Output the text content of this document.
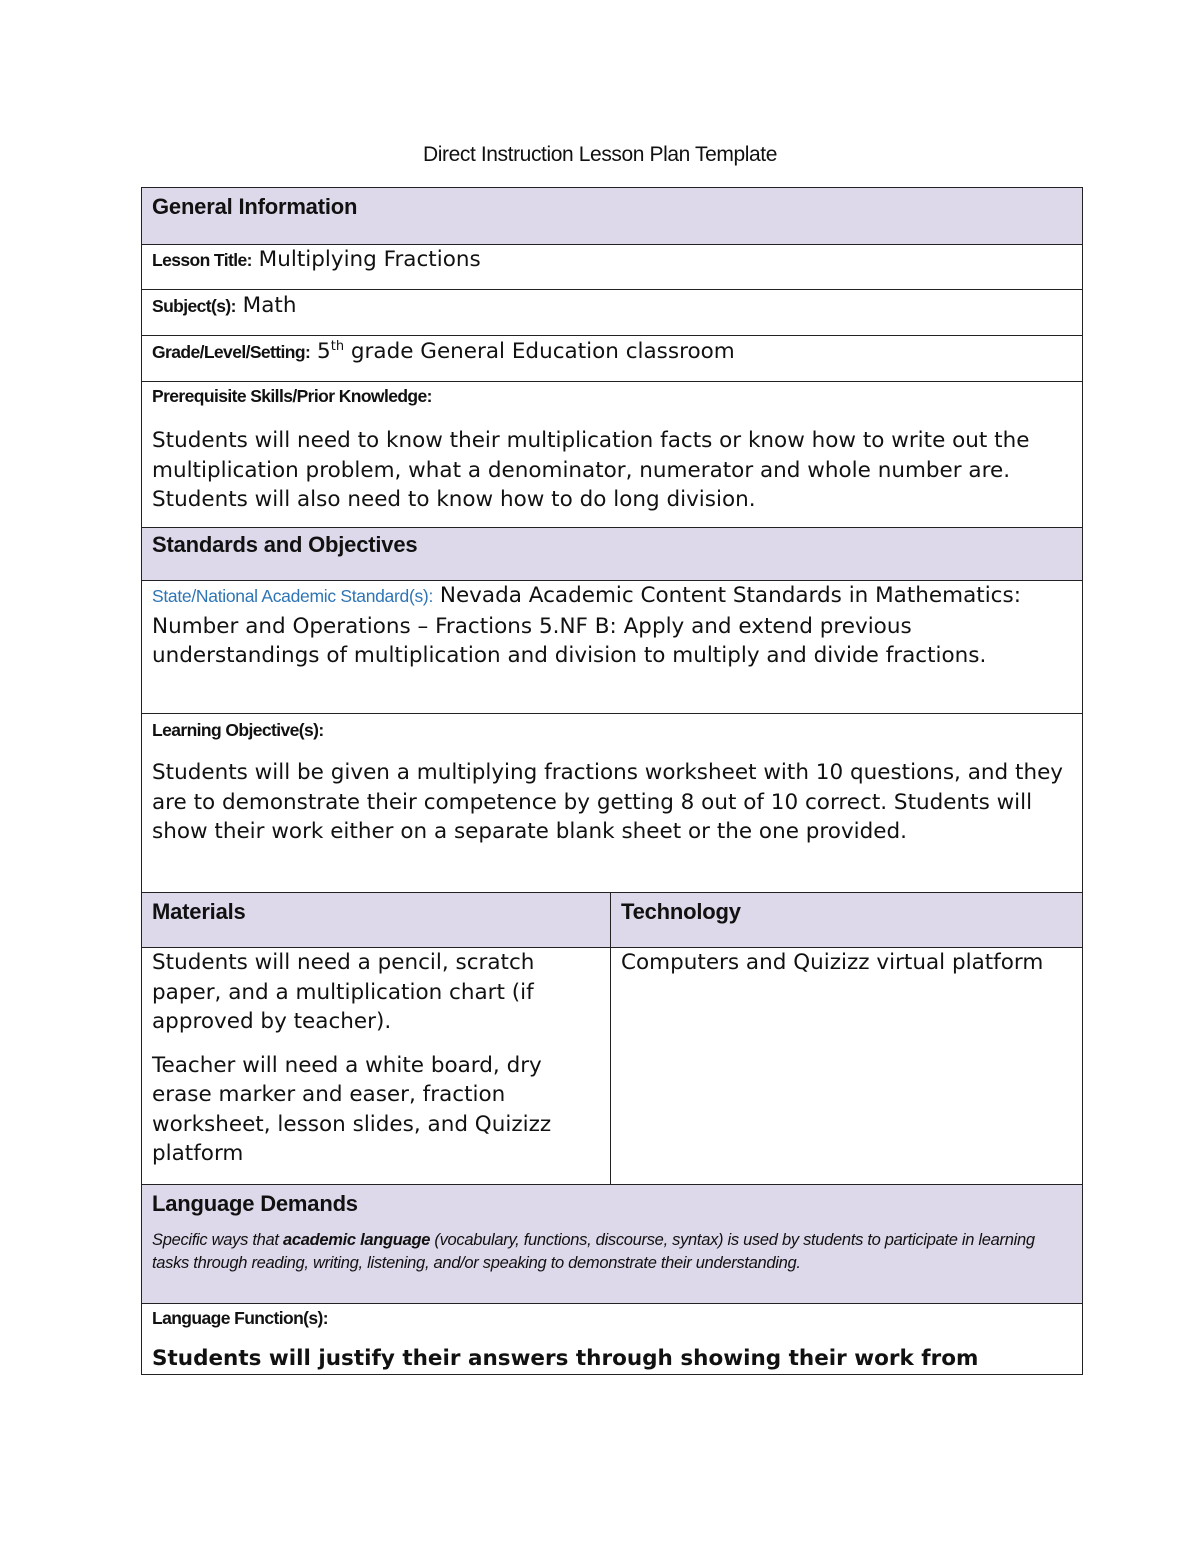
Direct Instruction Lesson Plan Template
General Information	
Lesson Title: Multiplying Fractions	
Subject(s): Math	
Grade/Level/Setting: 5th grade General Education classroom	

Prerequisite Skills/Prior Knowledge:

Students will need to know their multiplication facts or know how to write out the multiplication problem, what a denominator, numerator and whole number are. Students will also need to know how to do long division.	

Standards and Objectives	
State/National Academic Standard(s): Nevada Academic Content Standards in Mathematics: Number and Operations – Fractions 5.NF B: Apply and extend previous understandings of multiplication and division to multiply and divide fractions.	

Learning Objective(s):

Students will be given a multiplying fractions worksheet with 10 questions, and they are to demonstrate their competence by getting 8 out of 10 correct. Students will show their work either on a separate blank sheet or the one provided.	

Materials	Technology

Students will need a pencil, scratch paper, and a multiplication chart (if approved by teacher).

Teacher will need a white board, dry erase marker and easer, fraction worksheet, lesson slides, and Quizizz platform	Computers and Quizizz virtual platform

Language Demands

Specific ways that academic language (vocabulary, functions, discourse, syntax) is used by students to participate in learning tasks through reading, writing, listening, and/or speaking to demonstrate their understanding.	

Language Function(s):

Students will justify their answers through showing their work from	
